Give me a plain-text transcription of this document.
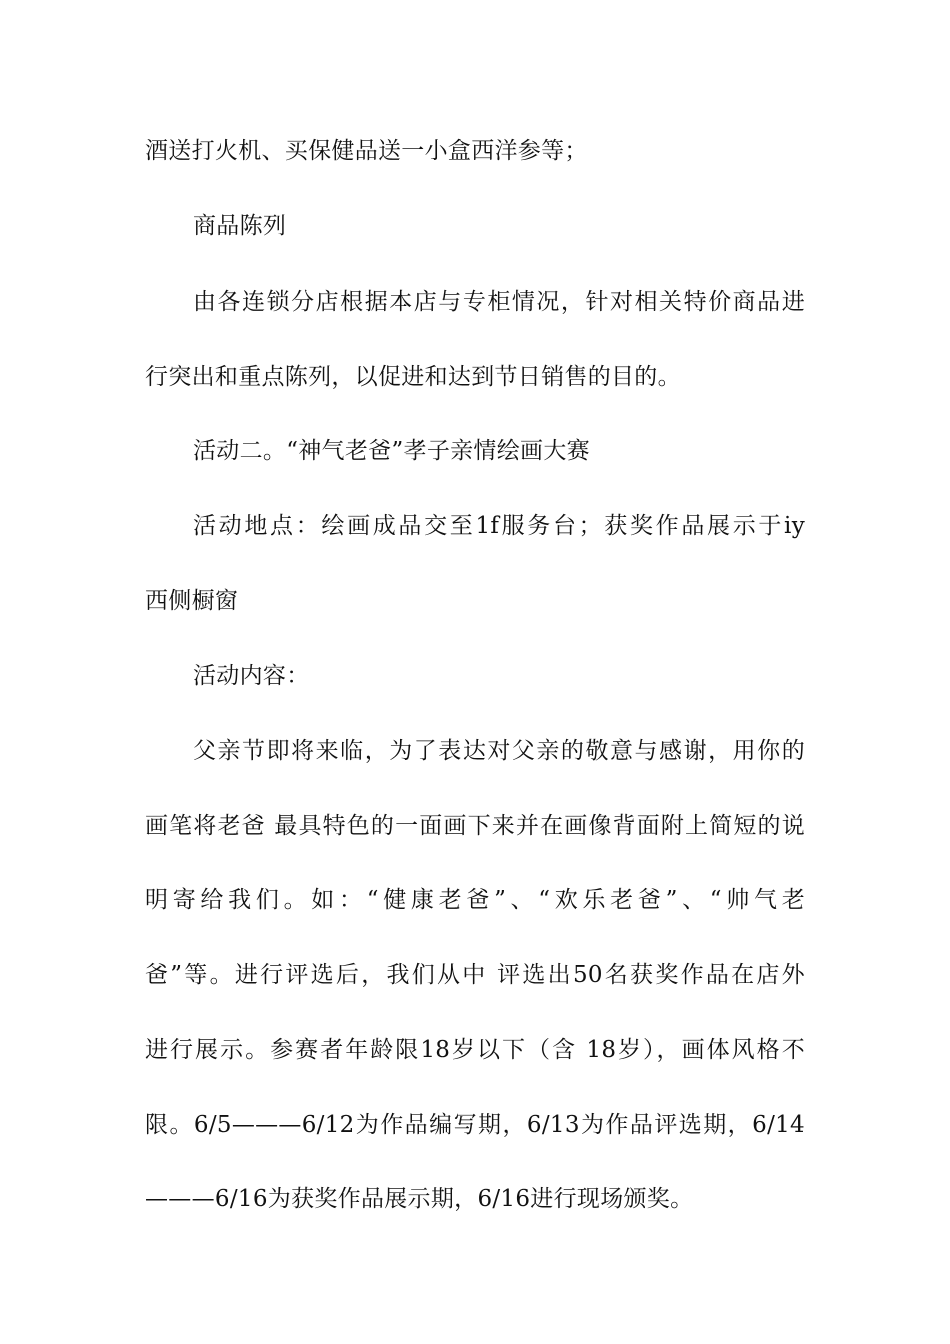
酒送打火机、买保健品送一小盒西洋参等；
商品陈列
由各连锁分店根据本店与专柜情况，针对相关特价商品进
行突出和重点陈列，以促进和达到节日销售的目的。
活动二。“神气老爸”孝子亲情绘画大赛
活动地点：绘画成品交至1f服务台；获奖作品展示于iy
西侧橱窗
活动内容：
父亲节即将来临，为了表达对父亲的敬意与感谢，用你的
画笔将老爸 最具特色的一面画下来并在画像背面附上简短的说
明寄给我们。如：“健康老爸”、“欢乐老爸”、“帅气老
爸”等。进行评选后，我们从中 评选出50名获奖作品在店外
进行展示。参赛者年龄限18岁以下（含 18岁），画体风格不
限。6/5———6/12为作品编写期，6/13为作品评选期，6/14
———6/16为获奖作品展示期，6/16进行现场颁奖。
